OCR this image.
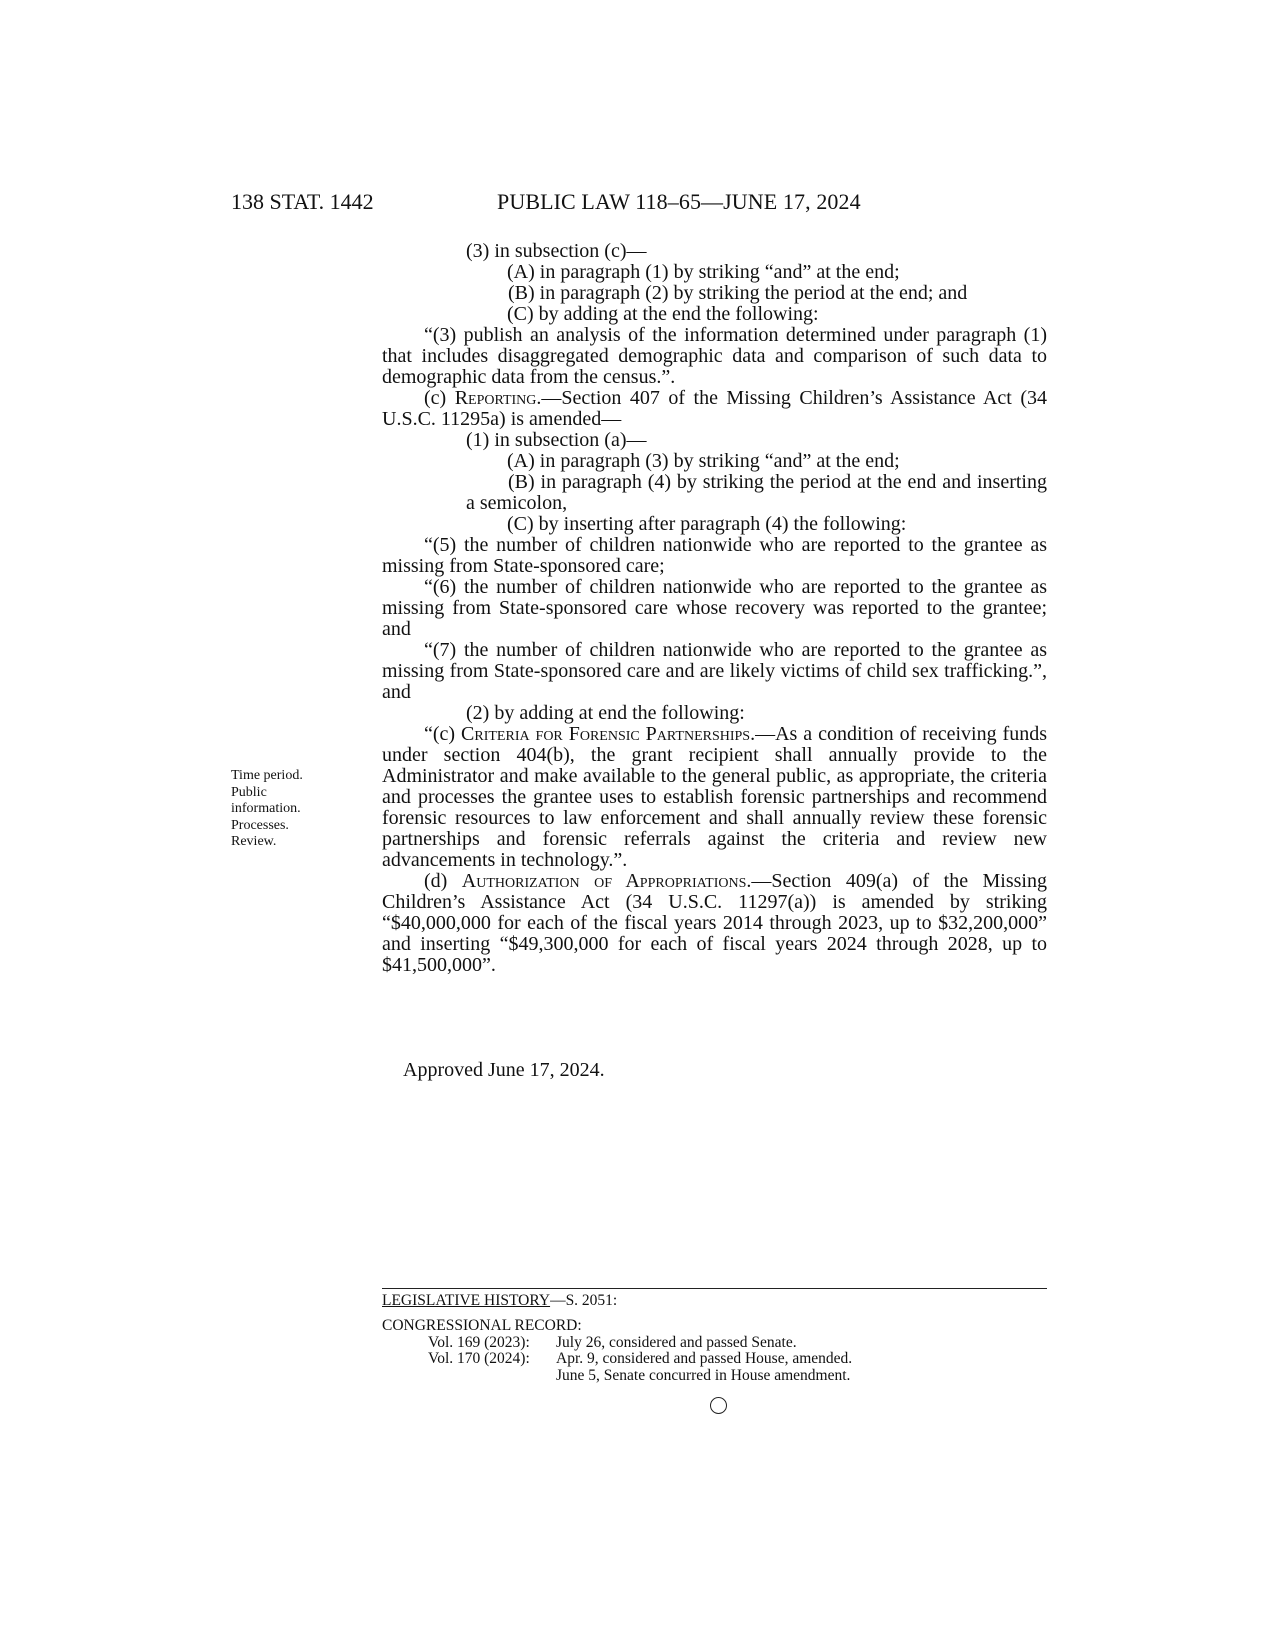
138 STAT. 1442	PUBLIC LAW 118–65—JUNE 17, 2024
Time period.
Public
information.
Processes.
Review.

(3) in subsection (c)—

(A) in paragraph (1) by striking “and” at the end;

(B) in paragraph (2) by striking the period at the end; and

(C) by adding at the end the following:

“(3) publish an analysis of the information determined under paragraph (1) that includes disaggregated demographic data and comparison of such data to demographic data from the census.”.

(c) Reporting.—Section 407 of the Missing Children’s Assistance Act (34 U.S.C. 11295a) is amended—

(1) in subsection (a)—

(A) in paragraph (3) by striking “and” at the end;

(B) in paragraph (4) by striking the period at the end and inserting a semicolon,

(C) by inserting after paragraph (4) the following:

“(5) the number of children nationwide who are reported to the grantee as missing from State-sponsored care;

“(6) the number of children nationwide who are reported to the grantee as missing from State-sponsored care whose recovery was reported to the grantee; and

“(7) the number of children nationwide who are reported to the grantee as missing from State-sponsored care and are likely victims of child sex trafficking.”, and

(2) by adding at end the following:

“(c) Criteria for Forensic Partnerships.—As a condition of receiving funds under section 404(b), the grant recipient shall annually provide to the Administrator and make available to the general public, as appropriate, the criteria and processes the grantee uses to establish forensic partnerships and recommend forensic resources to law enforcement and shall annually review these forensic partnerships and forensic referrals against the criteria and review new advancements in technology.”.

(d) Authorization of Appropriations.—Section 409(a) of the Missing Children’s Assistance Act (34 U.S.C. 11297(a)) is amended by striking “$40,000,000 for each of the fiscal years 2014 through 2023, up to $32,200,000” and inserting “$49,300,000 for each of fiscal years 2024 through 2028, up to $41,500,000”.

Approved June 17, 2024.
LEGISLATIVE HISTORY—S. 2051:
CONGRESSIONAL RECORD:
Vol. 169 (2023): July 26, considered and passed Senate.
Vol. 170 (2024): Apr. 9, considered and passed House, amended.
June 5, Senate concurred in House amendment.
